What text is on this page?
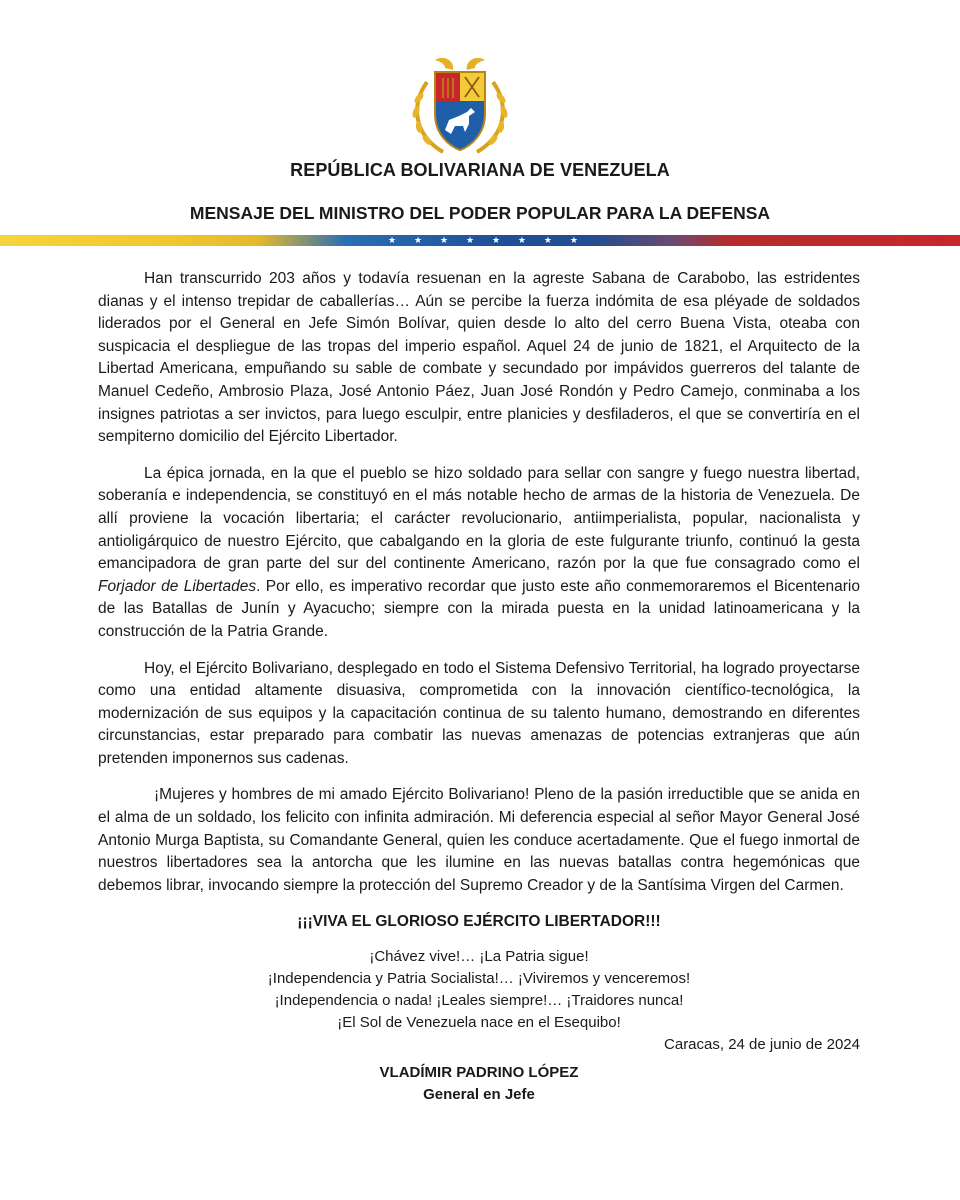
REPÚBLICA BOLIVARIANA DE VENEZUELA
MENSAJE DEL MINISTRO DEL PODER POPULAR PARA LA DEFENSA
★ ★ ★ ★ ★ ★ ★ ★

Han transcurrido 203 años y todavía resuenan en la agreste Sabana de Carabobo, las estridentes dianas y el intenso trepidar de caballerías… Aún se percibe la fuerza indómita de esa pléyade de soldados liderados por el General en Jefe Simón Bolívar, quien desde lo alto del cerro Buena Vista, oteaba con suspicacia el despliegue de las tropas del imperio español. Aquel 24 de junio de 1821, el Arquitecto de la Libertad Americana, empuñando su sable de combate y secundado por impávidos guerreros del talante de Manuel Cedeño, Ambrosio Plaza, José Antonio Páez, Juan José Rondón y Pedro Camejo, conminaba a los insignes patriotas a ser invictos, para luego esculpir, entre planicies y desfiladeros, el que se convertiría en el sempiterno domicilio del Ejército Libertador.

La épica jornada, en la que el pueblo se hizo soldado para sellar con sangre y fuego nuestra libertad, soberanía e independencia, se constituyó en el más notable hecho de armas de la historia de Venezuela. De allí proviene la vocación libertaria; el carácter revolucionario, antiimperialista, popular, nacionalista y antioligárquico de nuestro Ejército, que cabalgando en la gloria de este fulgurante triunfo, continuó la gesta emancipadora de gran parte del sur del continente Americano, razón por la que fue consagrado como el Forjador de Libertades. Por ello, es imperativo recordar que justo este año conmemoraremos el Bicentenario de las Batallas de Junín y Ayacucho; siempre con la mirada puesta en la unidad latinoamericana y la construcción de la Patria Grande.

Hoy, el Ejército Bolivariano, desplegado en todo el Sistema Defensivo Territorial, ha logrado proyectarse como una entidad altamente disuasiva, comprometida con la innovación científico-tecnológica, la modernización de sus equipos y la capacitación continua de su talento humano, demostrando en diferentes circunstancias, estar preparado para combatir las nuevas amenazas de potencias extranjeras que aún pretenden imponernos sus cadenas.

¡Mujeres y hombres de mi amado Ejército Bolivariano! Pleno de la pasión irreductible que se anida en el alma de un soldado, los felicito con infinita admiración. Mi deferencia especial al señor Mayor General José Antonio Murga Baptista, su Comandante General, quien les conduce acertadamente. Que el fuego inmortal de nuestros libertadores sea la antorcha que les ilumine en las nuevas batallas contra hegemónicas que debemos librar, invocando siempre la protección del Supremo Creador y de la Santísima Virgen del Carmen.

¡¡¡VIVA EL GLORIOSO EJÉRCITO LIBERTADOR!!!
¡Chávez vive!… ¡La Patria sigue!
¡Independencia y Patria Socialista!… ¡Viviremos y venceremos!
¡Independencia o nada! ¡Leales siempre!… ¡Traidores nunca!
¡El Sol de Venezuela nace en el Esequibo!
Caracas, 24 de junio de 2024
VLADÍMIR PADRINO LÓPEZ
General en Jefe
